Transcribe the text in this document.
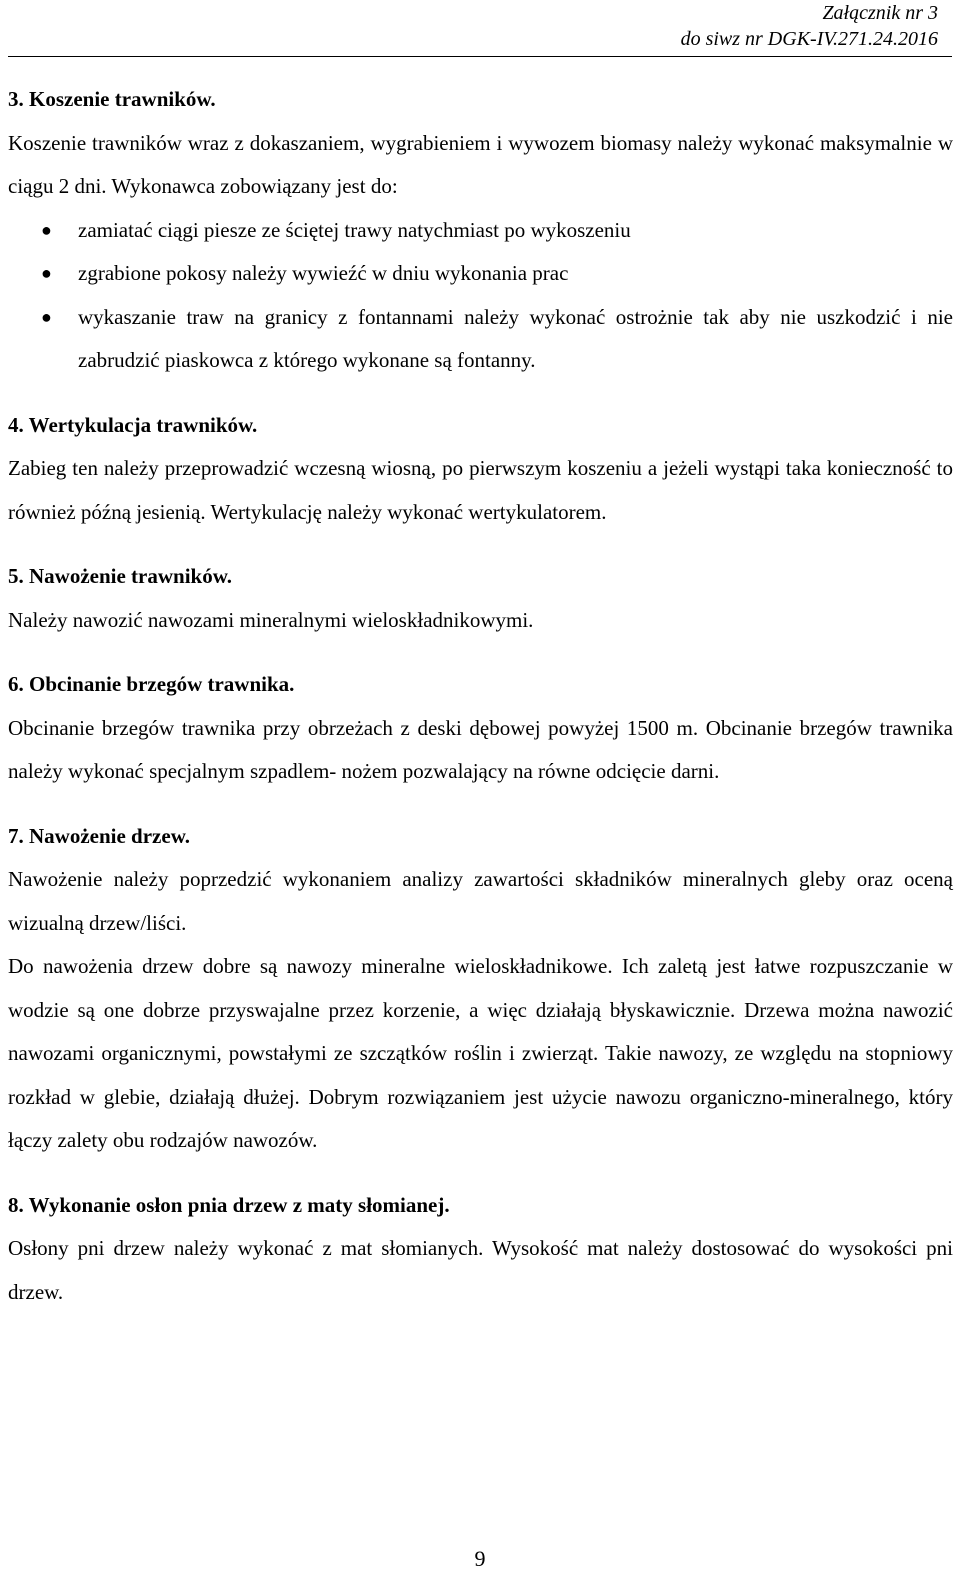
Załącznik nr 3
do siwz nr DGK-IV.271.24.2016
3. Koszenie trawników.

Koszenie trawników wraz z dokaszaniem, wygrabieniem i wywozem biomasy należy wykonać maksymalnie w ciągu 2 dni. Wykonawca zobowiązany jest do:

● zamiatać ciągi piesze ze ściętej trawy natychmiast po wykoszeniu
● zgrabione pokosy należy wywieźć w dniu wykonania prac
● wykaszanie traw na granicy z fontannami należy wykonać ostrożnie tak aby nie uszkodzić i nie zabrudzić piaskowca z którego wykonane są fontanny.
4. Wertykulacja trawników.

Zabieg ten należy przeprowadzić wczesną wiosną, po pierwszym koszeniu a jeżeli wystąpi taka konieczność to również późną jesienią. Wertykulację należy wykonać wertykulatorem.

5. Nawożenie trawników.

Należy nawozić nawozami mineralnymi wieloskładnikowymi.

6. Obcinanie brzegów trawnika.

Obcinanie brzegów trawnika przy obrzeżach z deski dębowej powyżej 1500 m. Obcinanie brzegów trawnika należy wykonać specjalnym szpadlem- nożem pozwalający na równe odcięcie darni.

7. Nawożenie drzew.

Nawożenie należy poprzedzić wykonaniem analizy zawartości składników mineralnych gleby oraz oceną wizualną drzew/liści.

Do nawożenia drzew dobre są nawozy mineralne wieloskładnikowe. Ich zaletą jest łatwe rozpuszczanie w wodzie są one dobrze przyswajalne przez korzenie, a więc działają błyskawicznie. Drzewa można nawozić nawozami organicznymi, powstałymi ze szczątków roślin i zwierząt. Takie nawozy, ze względu na stopniowy rozkład w glebie, działają dłużej. Dobrym rozwiązaniem jest użycie nawozu organiczno-mineralnego, który łączy zalety obu rodzajów nawozów.

8. Wykonanie osłon pnia drzew z maty słomianej.

Osłony pni drzew należy wykonać z mat słomianych. Wysokość mat należy dostosować do wysokości pni drzew.

9
